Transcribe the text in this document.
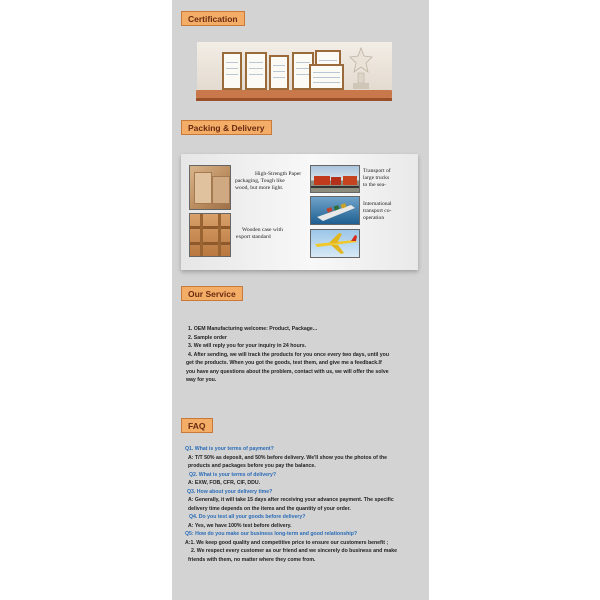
Certification
Packing & Delivery
High-Strength Paper
packaging, Tough like
wood, but more light.
Wooden case with
export standard
Transport of
large trucks
to the sea-
International
transport co-
operation
Our Service
1. OEM Manufacturing welcome: Product, Package...
2. Sample order
3. We will reply you for your inquiry in 24 hours.
4. After sending, we will track the products for you once every two days, until you
get the products. When you got the goods, test them, and give me a feedback.If
you have any questions about the problem, contact with us, we will offer the solve
way for you.
FAQ
Q1. What is your terms of payment?
A: T/T 50% as deposit, and 50% before delivery. We'll show you the photos of the
products and packages before you pay the balance.
Q2. What is your terms of delivery?
A: EXW, FOB, CFR, CIF, DDU.
Q3. How about your delivery time?
A: Generally, it will take 15 days after receiving your advance payment. The specific
delivery time depends on the items and the quantity of your order.
Q4. Do you test all your goods before delivery?
A: Yes, we have 100% test before delivery.
Q5: How do you make our business long-term and good relationship?
A:1. We keep good quality and competitive price to ensure our customers benefit ;
2. We respect every customer as our friend and we sincerely do business and make
friends with them, no matter where they come from.
